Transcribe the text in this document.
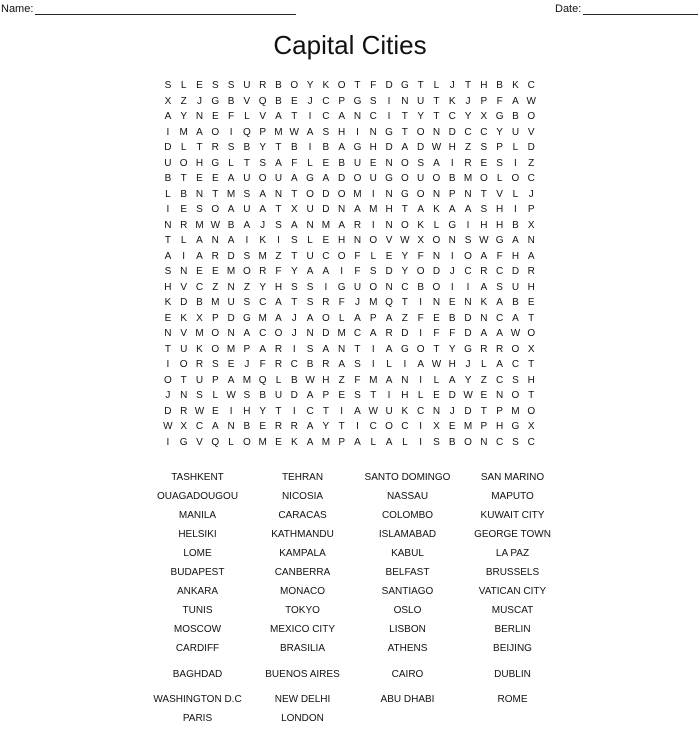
Name:	Date:
Capital Cities
S L E S S U R B O Y K O T F D G T L	J	T H B K C
X Z	J G B V Q B E J C P G S	I	N U T K J P F A W
A Y N E F L V A T	I	C A N C	I	T Y T C Y X G B O
I	M A O	I	Q P M W A S H	I	N G T O N D C C Y U V
D L T R S B Y T B	I	B A G H D A D W H Z S P L D
U O H G L T S A F L E B U E N O S A	I	R E S	I	Z
B T E E A U O U A G A D O U G O U O B M O L O C
L B N T M S A N T O D O M	I	N G O N P N T V L	J
I	E S O A U A T X U D N A M H T A K A A S H	I	P
N R M W B A J S A N M A R	I	N O K L G	I	H H B X
T L A N A	I	K	I	S L E H N O V W X O N S W G A N
A	I	A R D S M Z T U C O F L E Y F N	I	O A F H A
S N E E M O R F Y A A	I	F S D Y O D J C R C D R
H V C Z N Z Y H S S	I	G U O N C B O	I	I	A S U H
K D B M U S C A T S R F	J M Q T	I	N E N K A B E
E K X P D G M A J A O L A P A Z F E B D N C A T
N V M O N A C O J N D M C A R D	I	F F D A A W O
T U K O M P A R	I	S A N T	I	A G O T Y G R R O X
I	O R S E J	F R C B R A S	I	L	I	A W H J	L A C T
O T U P A M Q L B W H Z F M A N	I	L A Y Z C S H
J N S L W S B U D A P E S T	I	H L E D W E N O T
D R W E	I	H Y T	I	C T	I	A W U K C N J D T P M O
W X C A N B E R R A Y T	I	C O C	I	X E M P H G X
I	G V Q L O M E K A M P A L A L	I	S B O N C S C
TASHKENT	TEHRAN	SANTO DOMINGO	SAN MARINO
OUAGADOUGOU	NICOSIA	NASSAU	MAPUTO
MANILA	CARACAS	COLOMBO	KUWAIT CITY
HELSIKI	KATHMANDU	ISLAMABAD	GEORGE TOWN
LOME	KAMPALA	KABUL	LA PAZ
BUDAPEST	CANBERRA	BELFAST	BRUSSELS
ANKARA	MONACO	SANTIAGO	VATICAN CITY
TUNIS	TOKYO	OSLO	MUSCAT
MOSCOW	MEXICO CITY	LISBON	BERLIN
CARDIFF	BRASILIA	ATHENS	BEIJING
BAGHDAD	BUENOS AIRES	CAIRO	DUBLIN
WASHINGTON D.C	NEW DELHI	ABU DHABI	ROME
PARIS	LONDON
